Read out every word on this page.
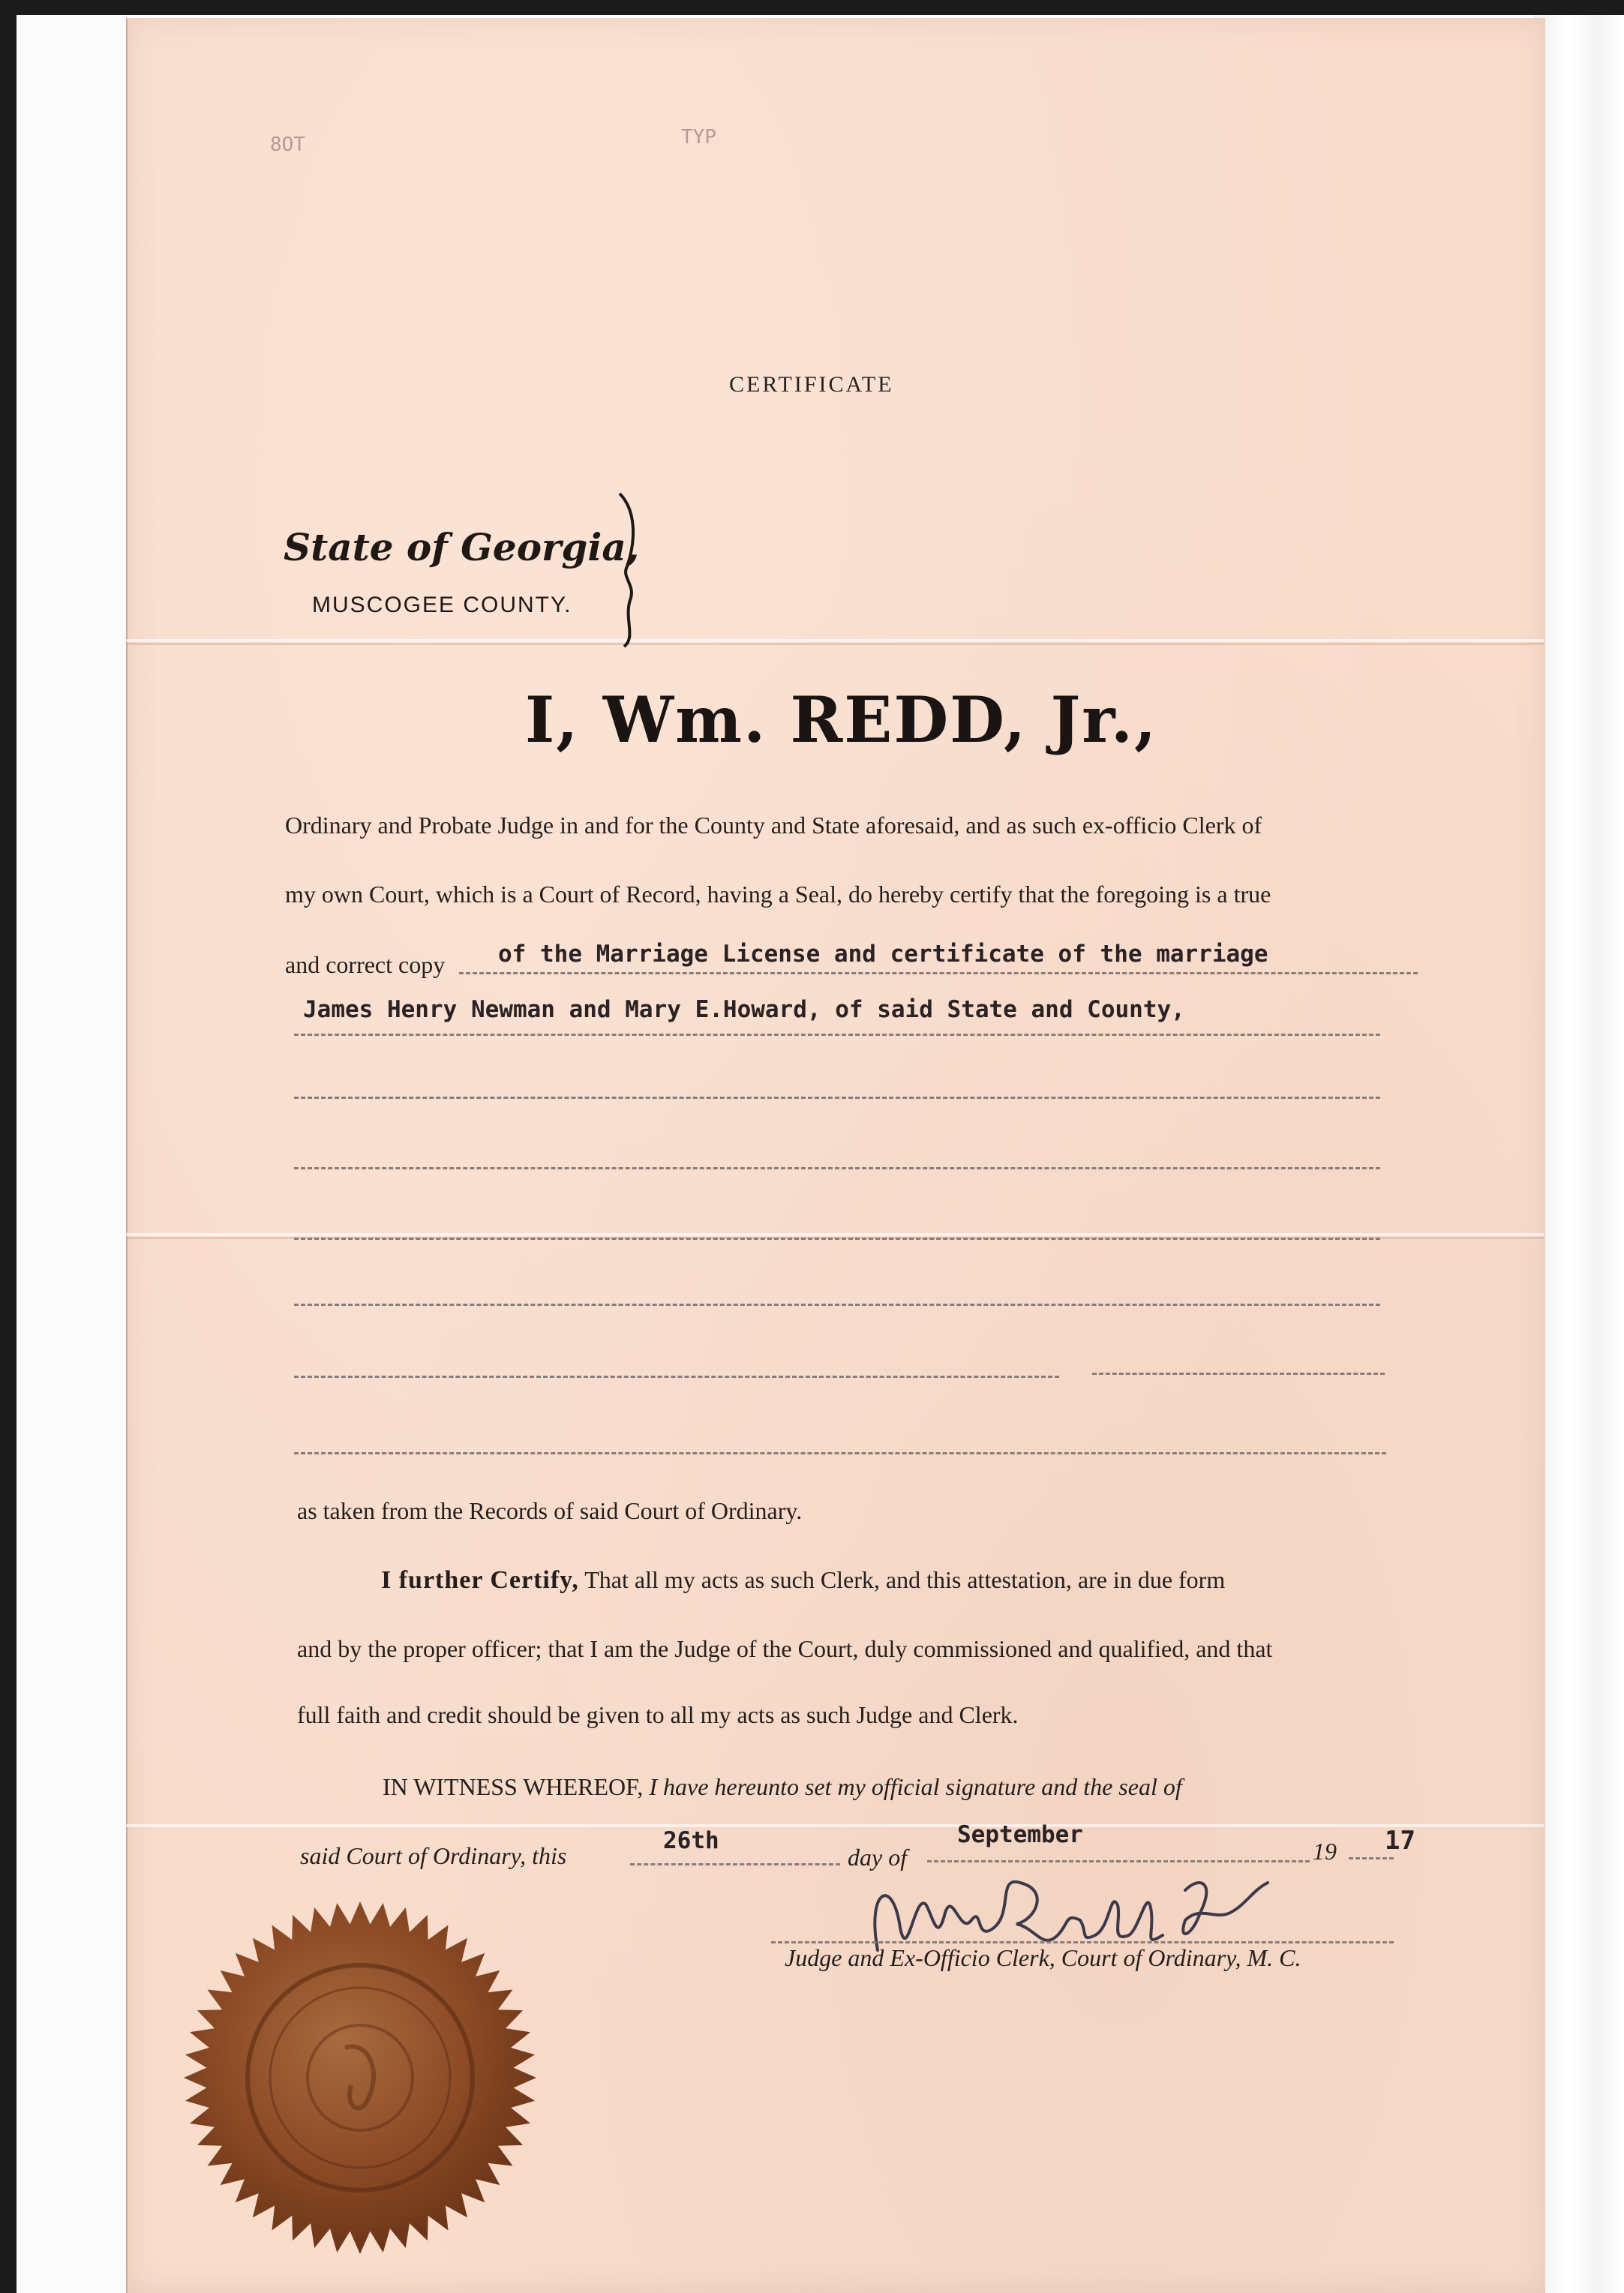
8OT	TYP
CERTIFICATE
State of Georgia,
MUSCOGEE COUNTY.
I, Wm. REDD, Jr.,
Ordinary and Probate Judge in and for the County and State aforesaid, and as such ex-officio Clerk of
my own Court, which is a Court of Record, having a Seal, do hereby certify that the foregoing is a true
and correct copy of the Marriage License and certificate of the marriage
James Henry Newman and Mary E.Howard, of said State and County,
as taken from the Records of said Court of Ordinary.
I further Certify, That all my acts as such Clerk, and this attestation, are in due form
and by the proper officer; that I am the Judge of the Court, duly commissioned and qualified, and that
full faith and credit should be given to all my acts as such Judge and Clerk.
IN WITNESS WHEREOF, I have hereunto set my official signature and the seal of
said Court of Ordinary, this
26th
day of
September
19 17
Judge and Ex-Officio Clerk, Court of Ordinary, M. C.
